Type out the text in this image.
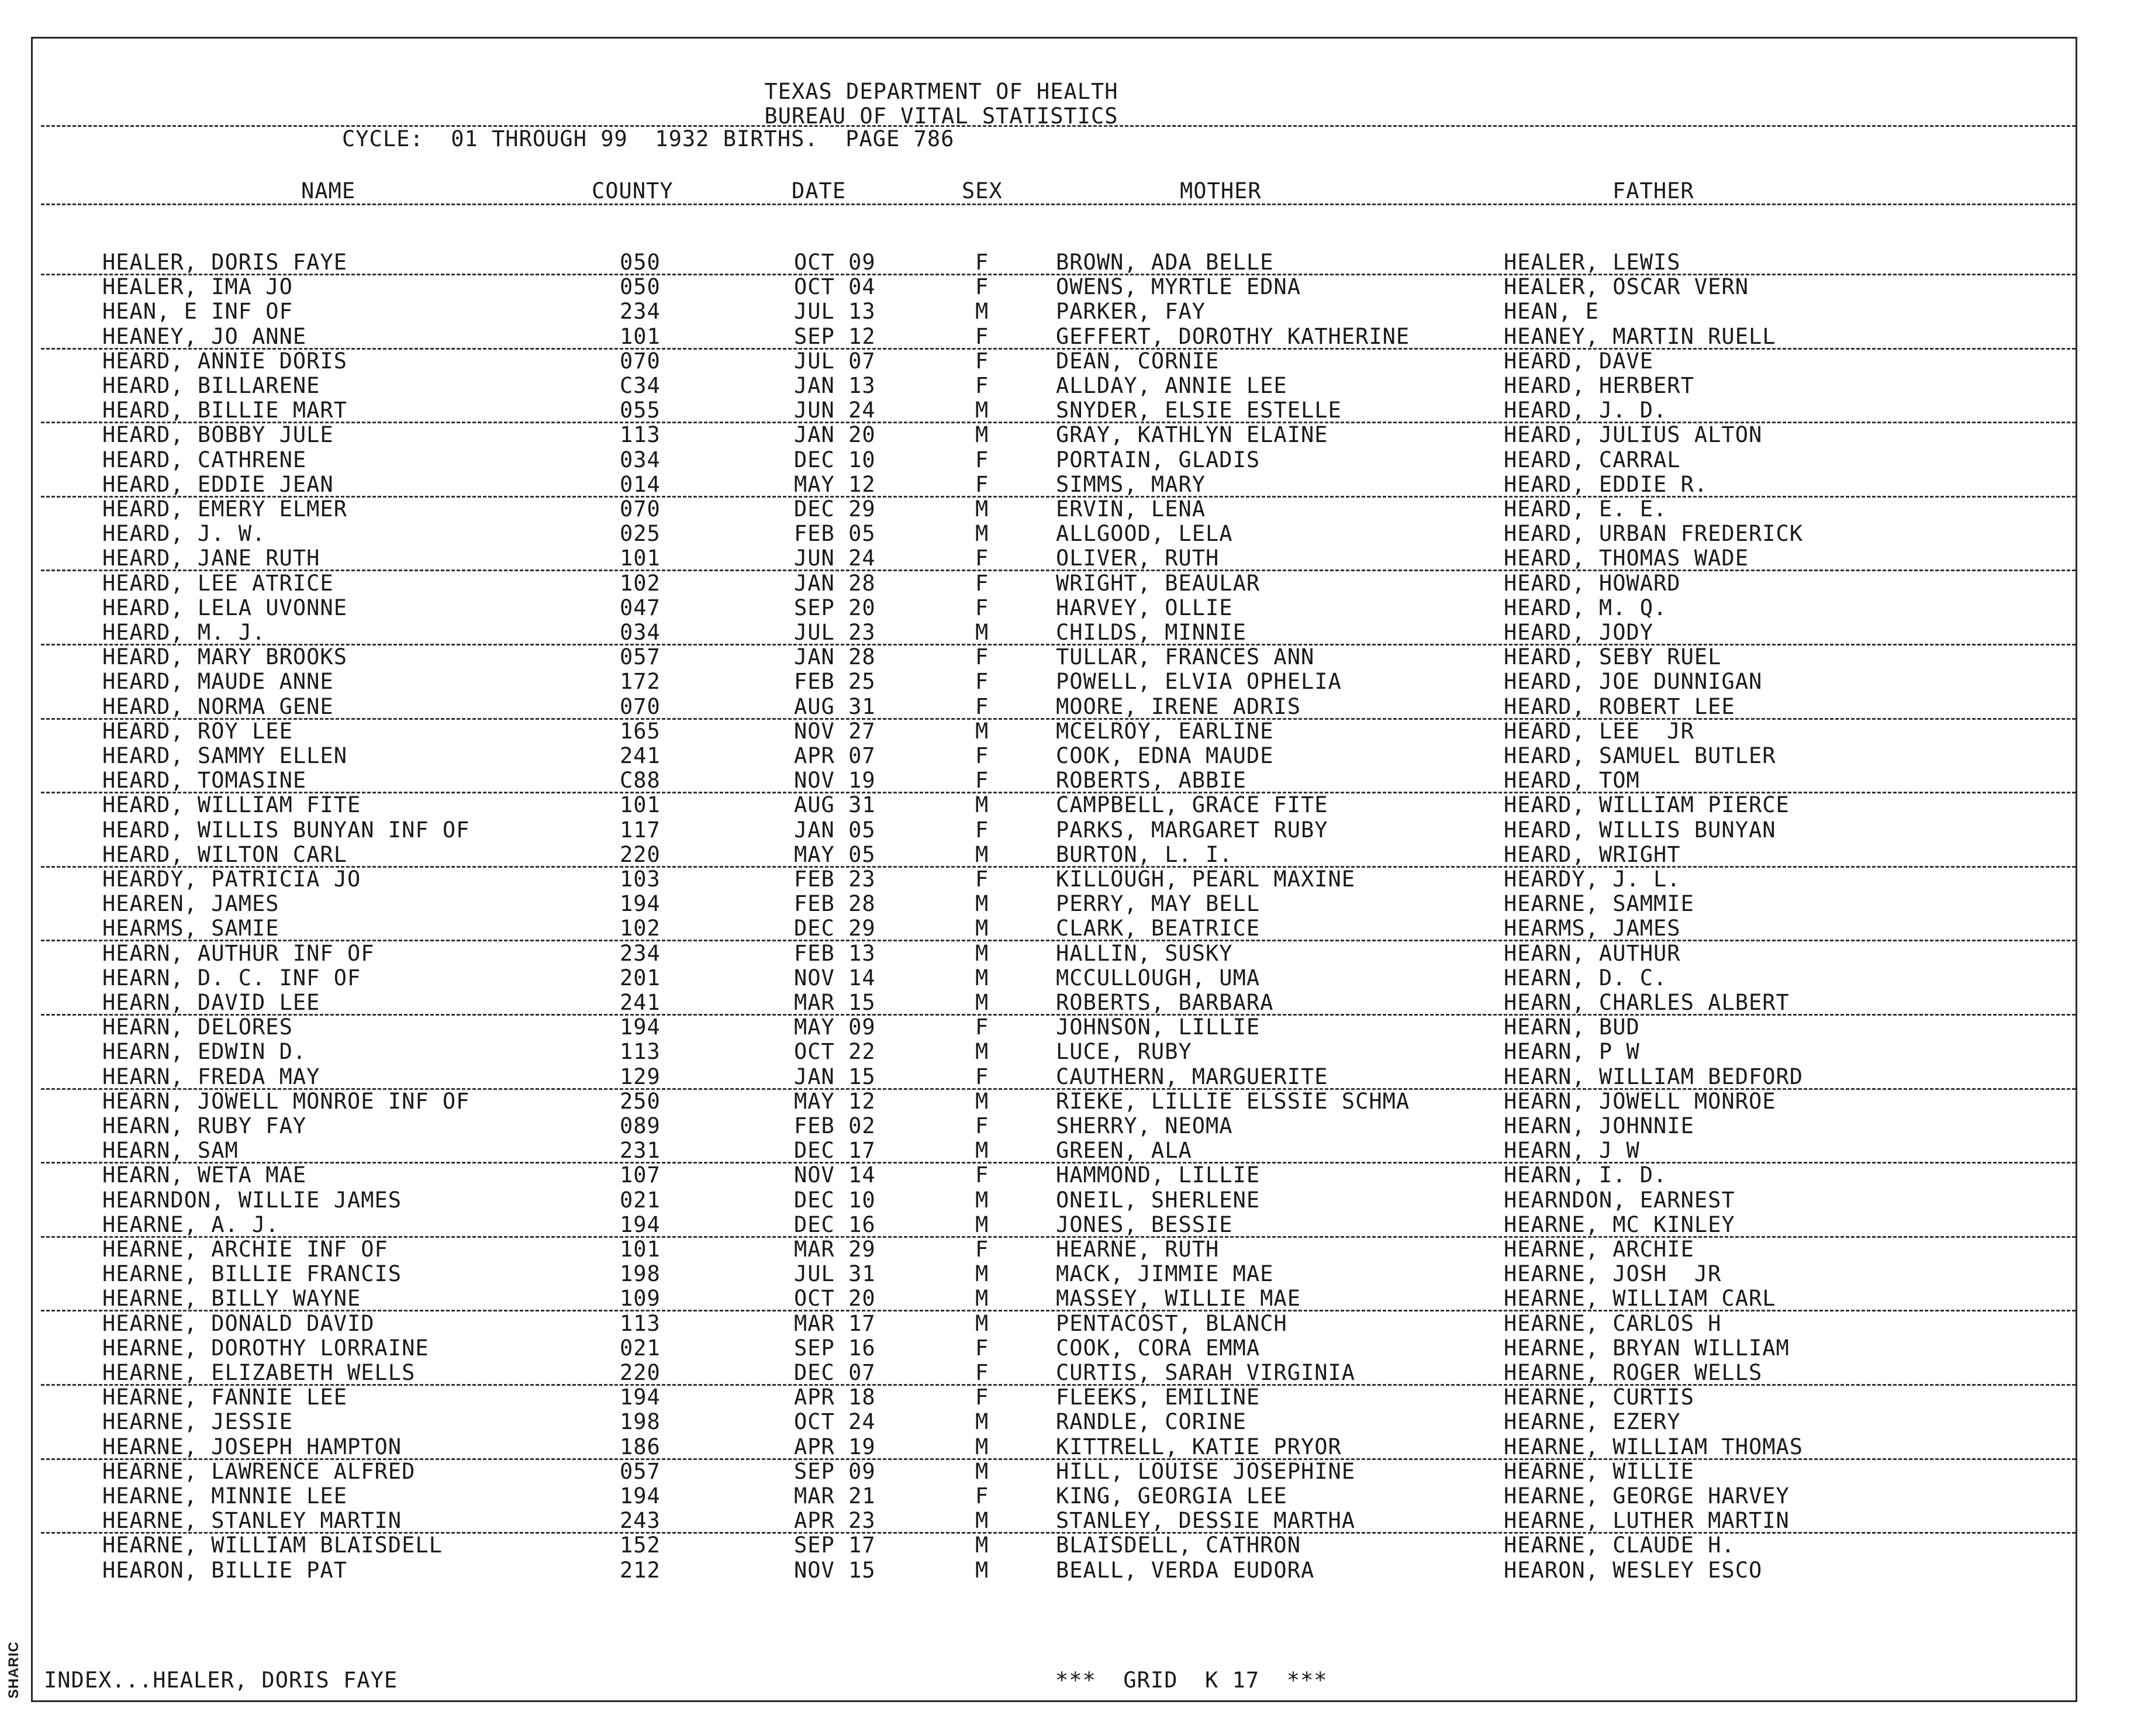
TEXAS DEPARTMENT OF HEALTH
BUREAU OF VITAL STATISTICS
CYCLE:  01 THROUGH 99  1932 BIRTHS.  PAGE 786
NAME	COUNTY	DATE	SEX	MOTHER	FATHER
HEALER, DORIS FAYE	050	OCT 09	F	BROWN, ADA BELLE	HEALER, LEWIS
HEALER, IMA JO	050	OCT 04	F	OWENS, MYRTLE EDNA	HEALER, OSCAR VERN
HEAN, E INF OF	234	JUL 13	M	PARKER, FAY	HEAN, E
HEANEY, JO ANNE	101	SEP 12	F	GEFFERT, DOROTHY KATHERINE	HEANEY, MARTIN RUELL
HEARD, ANNIE DORIS	070	JUL 07	F	DEAN, CORNIE	HEARD, DAVE
HEARD, BILLARENE	C34	JAN 13	F	ALLDAY, ANNIE LEE	HEARD, HERBERT
HEARD, BILLIE MART	055	JUN 24	M	SNYDER, ELSIE ESTELLE	HEARD, J. D.
HEARD, BOBBY JULE	113	JAN 20	M	GRAY, KATHLYN ELAINE	HEARD, JULIUS ALTON
HEARD, CATHRENE	034	DEC 10	F	PORTAIN, GLADIS	HEARD, CARRAL
HEARD, EDDIE JEAN	014	MAY 12	F	SIMMS, MARY	HEARD, EDDIE R.
HEARD, EMERY ELMER	070	DEC 29	M	ERVIN, LENA	HEARD, E. E.
HEARD, J. W.	025	FEB 05	M	ALLGOOD, LELA	HEARD, URBAN FREDERICK
HEARD, JANE RUTH	101	JUN 24	F	OLIVER, RUTH	HEARD, THOMAS WADE
HEARD, LEE ATRICE	102	JAN 28	F	WRIGHT, BEAULAR	HEARD, HOWARD
HEARD, LELA UVONNE	047	SEP 20	F	HARVEY, OLLIE	HEARD, M. Q.
HEARD, M. J.	034	JUL 23	M	CHILDS, MINNIE	HEARD, JODY
HEARD, MARY BROOKS	057	JAN 28	F	TULLAR, FRANCES ANN	HEARD, SEBY RUEL
HEARD, MAUDE ANNE	172	FEB 25	F	POWELL, ELVIA OPHELIA	HEARD, JOE DUNNIGAN
HEARD, NORMA GENE	070	AUG 31	F	MOORE, IRENE ADRIS	HEARD, ROBERT LEE
HEARD, ROY LEE	165	NOV 27	M	MCELROY, EARLINE	HEARD, LEE  JR
HEARD, SAMMY ELLEN	241	APR 07	F	COOK, EDNA MAUDE	HEARD, SAMUEL BUTLER
HEARD, TOMASINE	C88	NOV 19	F	ROBERTS, ABBIE	HEARD, TOM
HEARD, WILLIAM FITE	101	AUG 31	M	CAMPBELL, GRACE FITE	HEARD, WILLIAM PIERCE
HEARD, WILLIS BUNYAN INF OF	117	JAN 05	F	PARKS, MARGARET RUBY	HEARD, WILLIS BUNYAN
HEARD, WILTON CARL	220	MAY 05	M	BURTON, L. I.	HEARD, WRIGHT
HEARDY, PATRICIA JO	103	FEB 23	F	KILLOUGH, PEARL MAXINE	HEARDY, J. L.
HEAREN, JAMES	194	FEB 28	M	PERRY, MAY BELL	HEARNE, SAMMIE
HEARMS, SAMIE	102	DEC 29	M	CLARK, BEATRICE	HEARMS, JAMES
HEARN, AUTHUR INF OF	234	FEB 13	M	HALLIN, SUSKY	HEARN, AUTHUR
HEARN, D. C. INF OF	201	NOV 14	M	MCCULLOUGH, UMA	HEARN, D. C.
HEARN, DAVID LEE	241	MAR 15	M	ROBERTS, BARBARA	HEARN, CHARLES ALBERT
HEARN, DELORES	194	MAY 09	F	JOHNSON, LILLIE	HEARN, BUD
HEARN, EDWIN D.	113	OCT 22	M	LUCE, RUBY	HEARN, P W
HEARN, FREDA MAY	129	JAN 15	F	CAUTHERN, MARGUERITE	HEARN, WILLIAM BEDFORD
HEARN, JOWELL MONROE INF OF	250	MAY 12	M	RIEKE, LILLIE ELSSIE SCHMA	HEARN, JOWELL MONROE
HEARN, RUBY FAY	089	FEB 02	F	SHERRY, NEOMA	HEARN, JOHNNIE
HEARN, SAM	231	DEC 17	M	GREEN, ALA	HEARN, J W
HEARN, WETA MAE	107	NOV 14	F	HAMMOND, LILLIE	HEARN, I. D.
HEARNDON, WILLIE JAMES	021	DEC 10	M	ONEIL, SHERLENE	HEARNDON, EARNEST
HEARNE, A. J.	194	DEC 16	M	JONES, BESSIE	HEARNE, MC KINLEY
HEARNE, ARCHIE INF OF	101	MAR 29	F	HEARNE, RUTH	HEARNE, ARCHIE
HEARNE, BILLIE FRANCIS	198	JUL 31	M	MACK, JIMMIE MAE	HEARNE, JOSH  JR
HEARNE, BILLY WAYNE	109	OCT 20	M	MASSEY, WILLIE MAE	HEARNE, WILLIAM CARL
HEARNE, DONALD DAVID	113	MAR 17	M	PENTACOST, BLANCH	HEARNE, CARLOS H
HEARNE, DOROTHY LORRAINE	021	SEP 16	F	COOK, CORA EMMA	HEARNE, BRYAN WILLIAM
HEARNE, ELIZABETH WELLS	220	DEC 07	F	CURTIS, SARAH VIRGINIA	HEARNE, ROGER WELLS
HEARNE, FANNIE LEE	194	APR 18	F	FLEEKS, EMILINE	HEARNE, CURTIS
HEARNE, JESSIE	198	OCT 24	M	RANDLE, CORINE	HEARNE, EZERY
HEARNE, JOSEPH HAMPTON	186	APR 19	M	KITTRELL, KATIE PRYOR	HEARNE, WILLIAM THOMAS
HEARNE, LAWRENCE ALFRED	057	SEP 09	M	HILL, LOUISE JOSEPHINE	HEARNE, WILLIE
HEARNE, MINNIE LEE	194	MAR 21	F	KING, GEORGIA LEE	HEARNE, GEORGE HARVEY
HEARNE, STANLEY MARTIN	243	APR 23	M	STANLEY, DESSIE MARTHA	HEARNE, LUTHER MARTIN
HEARNE, WILLIAM BLAISDELL	152	SEP 17	M	BLAISDELL, CATHRON	HEARNE, CLAUDE H.
HEARON, BILLIE PAT	212	NOV 15	M	BEALL, VERDA EUDORA	HEARON, WESLEY ESCO
INDEX...HEALER, DORIS FAYE	***  GRID  K 17  ***
SHARIC
